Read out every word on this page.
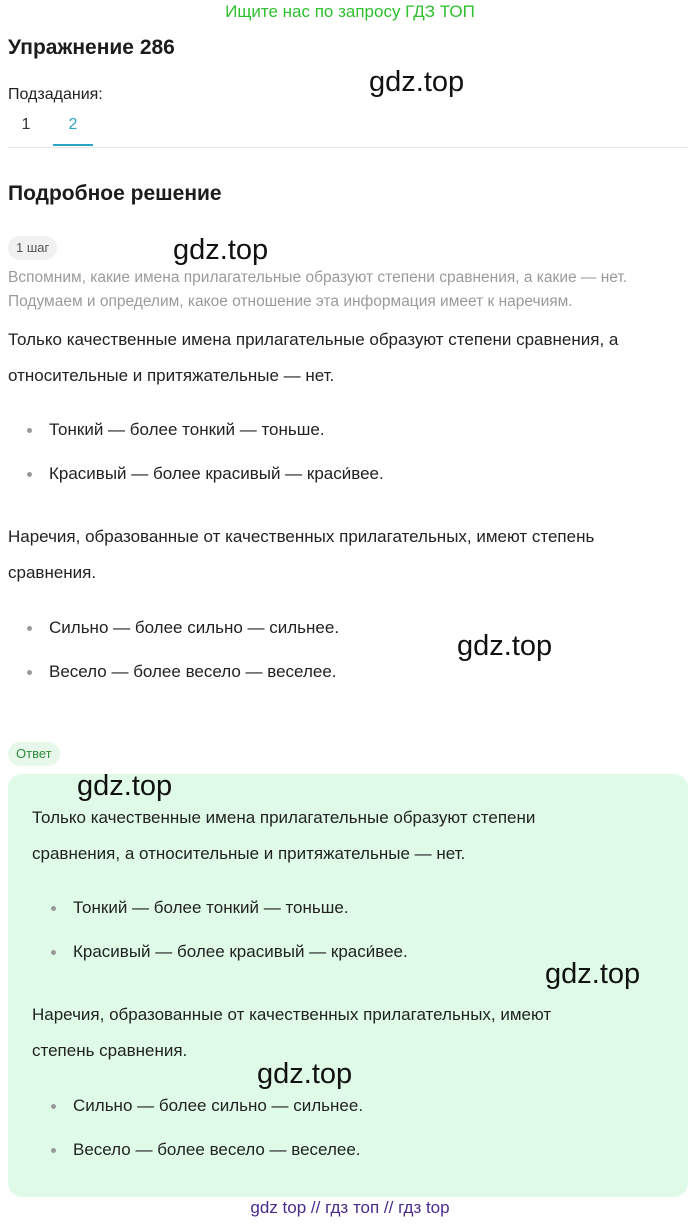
Ищите нас по запросу ГДЗ ТОП
Упражнение 286
Подзадания:
1	2
Подробное решение
1 шаг
Вспомним, какие имена прилагательные образуют степени сравнения, а какие — нет.
Подумаем и определим, какое отношение эта информация имеет к наречиям.
Только качественные имена прилагательные образуют степени сравнения, а
относительные и притяжательные — нет.
Тонкий — более тонкий — тоньше.
Красивый — более красивый — краси́вее.
Наречия, образованные от качественных прилагательных, имеют степень
сравнения.
Сильно — более сильно — сильнее.
Весело — более весело — веселее.
Ответ
Только качественные имена прилагательные образуют степени
сравнения, а относительные и притяжательные — нет.
Тонкий — более тонкий — тоньше.
Красивый — более красивый — краси́вее.
Наречия, образованные от качественных прилагательных, имеют
степень сравнения.
Сильно — более сильно — сильнее.
Весело — более весело — веселее.
gdz.top
gdz.top
gdz.top
gdz.top
gdz.top
gdz.top
gdz top // гдз топ // гдз top
